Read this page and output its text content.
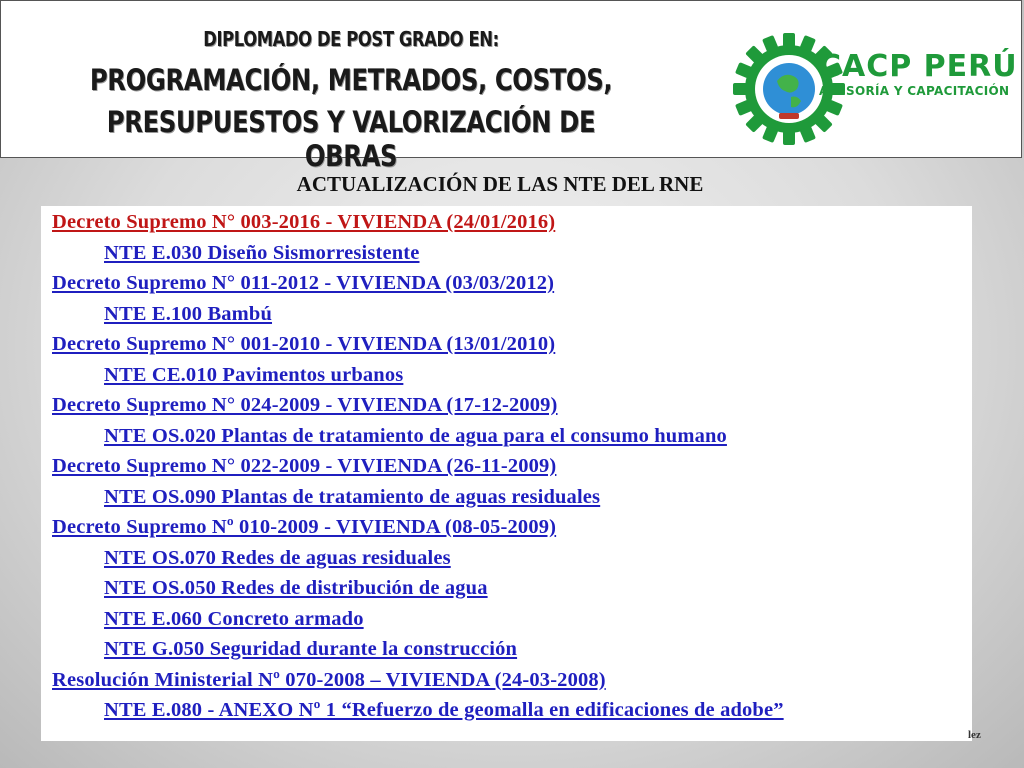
DIPLOMADO DE POST GRADO EN:
PROGRAMACIÓN, METRADOS, COSTOS,
PRESUPUESTOS Y VALORIZACIÓN DE OBRAS
CACP PERÚ
ASESORÍA Y CAPACITACIÓN
ACTUALIZACIÓN DE LAS NTE DEL RNE
Decreto Supremo N° 003-2016 - VIVIENDA (24/01/2016)
NTE E.030 Diseño Sismorresistente
Decreto Supremo N° 011-2012 - VIVIENDA (03/03/2012)
NTE E.100 Bambú
Decreto Supremo N° 001-2010 - VIVIENDA (13/01/2010)
NTE CE.010 Pavimentos urbanos
Decreto Supremo N° 024-2009 - VIVIENDA (17-12-2009)
NTE OS.020 Plantas de tratamiento de agua para el consumo humano
Decreto Supremo N° 022-2009 - VIVIENDA (26-11-2009)
NTE OS.090 Plantas de tratamiento de aguas residuales
Decreto Supremo Nº 010-2009 - VIVIENDA (08-05-2009)
NTE OS.070 Redes de aguas residuales
NTE OS.050 Redes de distribución de agua
NTE E.060 Concreto armado
NTE G.050 Seguridad durante la construcción
Resolución Ministerial Nº 070-2008 – VIVIENDA (24-03-2008)
NTE E.080 - ANEXO Nº 1 “Refuerzo de geomalla en edificaciones de adobe”
lez
